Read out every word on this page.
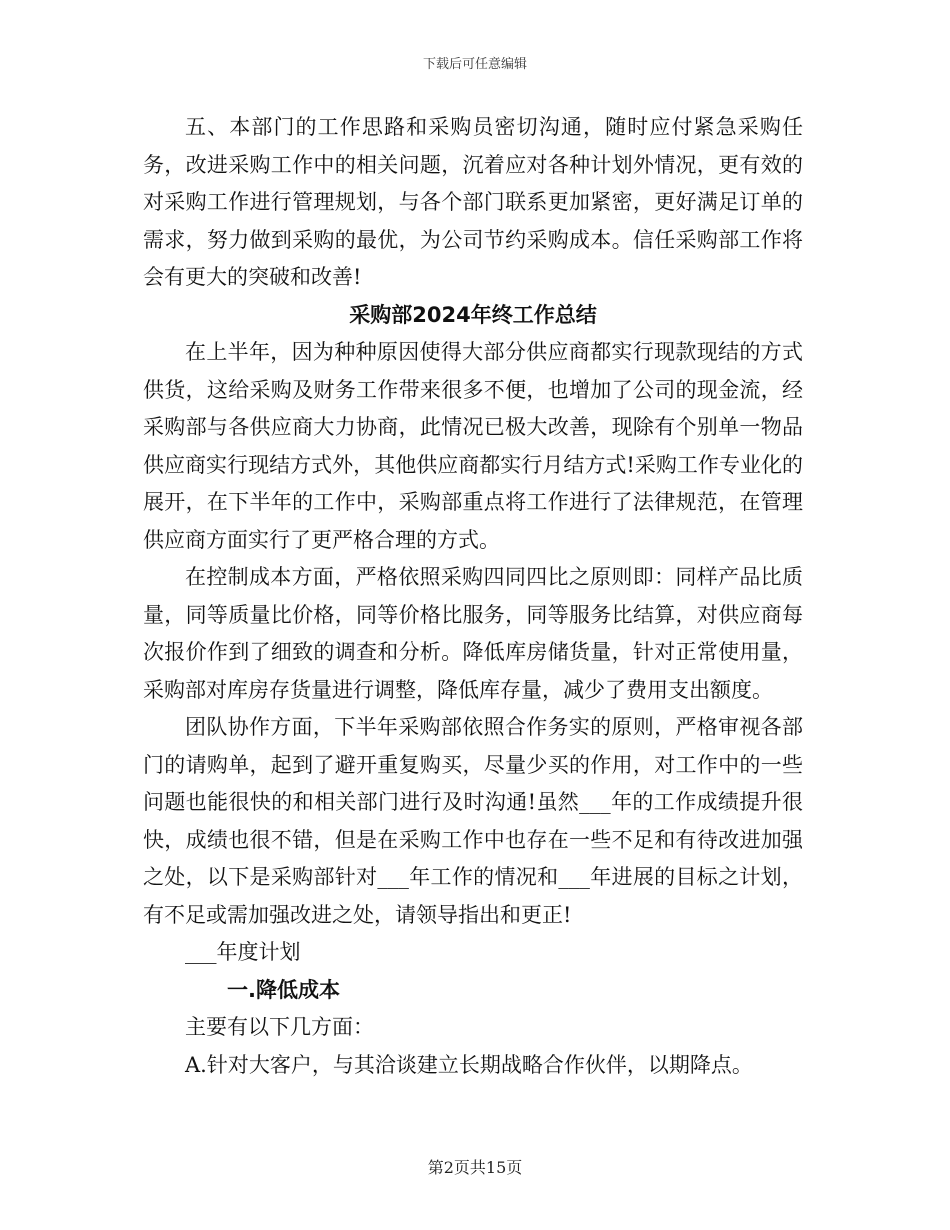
下载后可任意编辑

五、本部门的工作思路和采购员密切沟通，随时应付紧急采购任务，改进采购工作中的相关问题，沉着应对各种计划外情况，更有效的对采购工作进行管理规划，与各个部门联系更加紧密，更好满足订单的需求，努力做到采购的最优，为公司节约采购成本。信任采购部工作将会有更大的突破和改善!

采购部2024年终工作总结

在上半年，因为种种原因使得大部分供应商都实行现款现结的方式供货，这给采购及财务工作带来很多不便，也增加了公司的现金流，经采购部与各供应商大力协商，此情况已极大改善，现除有个别单一物品供应商实行现结方式外，其他供应商都实行月结方式!采购工作专业化的展开，在下半年的工作中，采购部重点将工作进行了法律规范，在管理供应商方面实行了更严格合理的方式。

在控制成本方面，严格依照采购四同四比之原则即：同样产品比质量，同等质量比价格，同等价格比服务，同等服务比结算，对供应商每次报价作到了细致的调查和分析。降低库房储货量，针对正常使用量，采购部对库房存货量进行调整，降低库存量，减少了费用支出额度。

团队协作方面，下半年采购部依照合作务实的原则，严格审视各部门的请购单，起到了避开重复购买，尽量少买的作用，对工作中的一些问题也能很快的和相关部门进行及时沟通!虽然___年的工作成绩提升很快，成绩也很不错，但是在采购工作中也存在一些不足和有待改进加强之处，以下是采购部针对___年工作的情况和___年进展的目标之计划，有不足或需加强改进之处，请领导指出和更正!

___年度计划

一.降低成本

主要有以下几方面：

A.针对大客户，与其洽谈建立长期战略合作伙伴，以期降点。

第2页共15页
